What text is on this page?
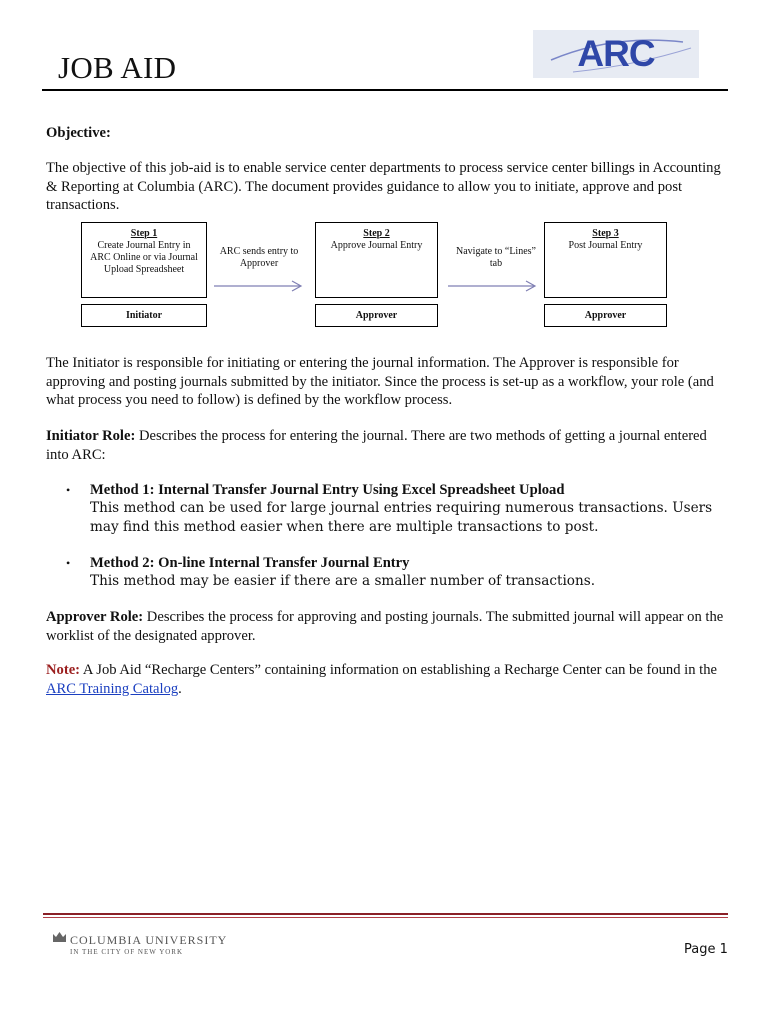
JOB AID	ARC
Objective:
The objective of this job-aid is to enable service center departments to process service center billings in Accounting & Reporting at Columbia (ARC). The document provides guidance to allow you to initiate, approve and post transactions.
Step 1
Create Journal Entry in ARC Online or via Journal Upload Spreadsheet
Step 2
Approve Journal Entry
Step 3
Post Journal Entry
ARC sends entry to Approver
Navigate to “Lines” tab
Initiator	Approver	Approver
The Initiator is responsible for initiating or entering the journal information. The Approver is responsible for approving and posting journals submitted by the initiator. Since the process is set-up as a workflow, your role (and what process you need to follow) is defined by the workflow process.
Initiator Role: Describes the process for entering the journal. There are two methods of getting a journal entered into ARC:
• Method 1: Internal Transfer Journal Entry Using Excel Spreadsheet Upload
This method can be used for large journal entries requiring numerous transactions. Users may find this method easier when there are multiple transactions to post.
• Method 2: On-line Internal Transfer Journal Entry
This method may be easier if there are a smaller number of transactions.
Approver Role: Describes the process for approving and posting journals. The submitted journal will appear on the worklist of the designated approver.
Note: A Job Aid “Recharge Centers” containing information on establishing a Recharge Center can be found in the ARC Training Catalog.
COLUMBIA UNIVERSITY
IN THE CITY OF NEW YORK	Page 1
